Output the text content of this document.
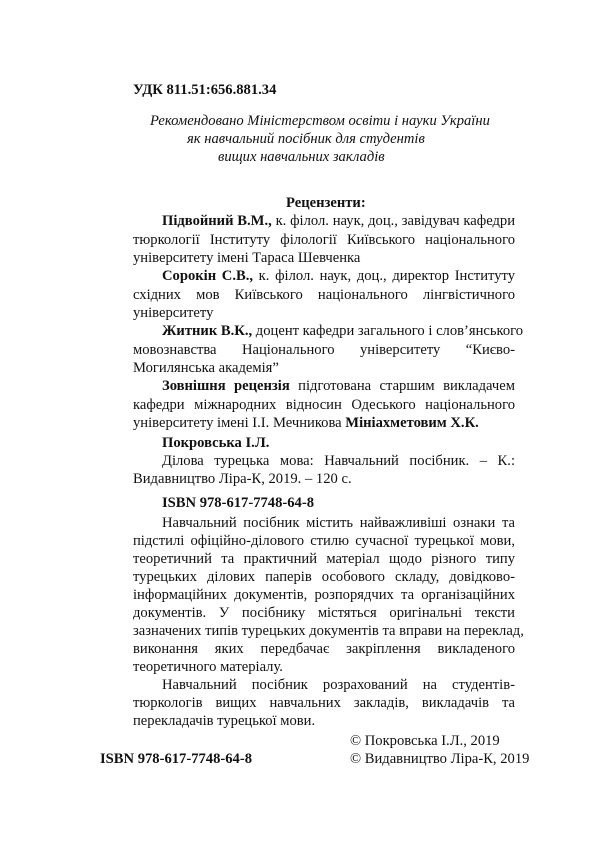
УДК 811.51:656.881.34
Рекомендовано Міністерством освіти і науки України
як навчальний посібник для студентів
вищих навчальних закладів
Рецензенти:
Підвойний В.М., к. філол. наук, доц., завідувач кафедри
тюркології Інституту філології Київського національного
університету імені Тараса Шевченка
Сорокін С.В., к. філол. наук, доц., директор Інституту
східних мов Київського національного лінгвістичного
університету
Житник В.К., доцент кафедри загального і слов’янського
мовознавства Національного університету “Києво-
Могилянська академія”
Зовнішня рецензія підготована старшим викладачем
кафедри міжнародних відносин Одеського національного
університету імені І.І. Мечникова Мініахметовим Х.К.
Покровська І.Л.
Ділова турецька мова: Навчальний посібник. – К.:
Видавництво Ліра-К, 2019. – 120 с.
ISBN 978-617-7748-64-8
Навчальний посібник містить найважливіші ознаки та
підстилі офіційно-ділового стилю сучасної турецької мови,
теоретичний та практичний матеріал щодо різного типу
турецьких ділових паперів особового складу, довідково-
інформаційних документів, розпорядчих та організаційних
документів. У посібнику містяться оригінальні тексти
зазначених типів турецьких документів та вправи на переклад,
виконання яких передбачає закріплення викладеного
теоретичного матеріалу.
Навчальний посібник розрахований на студентів-
тюркологів вищих навчальних закладів, викладачів та
перекладачів турецької мови.
© Покровська І.Л., 2019
© Видавництво Ліра-К, 2019
ISBN 978-617-7748-64-8
